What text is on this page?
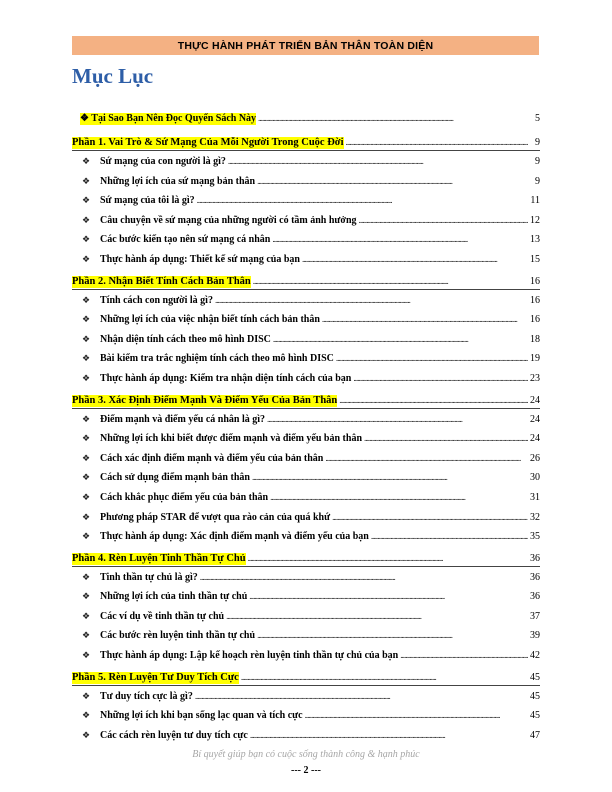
THỰC HÀNH PHÁT TRIỂN BẢN THÂN TOÀN DIỆN
Mục Lục
❖ Tại Sao Bạn Nên Đọc Quyển Sách Này . . .	5
Phần 1. Vai Trò & Sứ Mạng Của Mỗi Người Trong Cuộc Đời . . .	9
❖ Sứ mạng của con người là gì? . . .	9
❖ Những lợi ích của sứ mạng bản thân . . .	9
❖ Sứ mạng của tôi là gì? . . .	11
❖ Câu chuyện về sứ mạng của những người có tầm ảnh hưởng . . .	12
❖ Các bước kiến tạo nên sứ mạng cá nhân . . .	13
❖ Thực hành áp dụng: Thiết kế sứ mạng của bạn . . .	15
Phần 2. Nhận Biết Tính Cách Bản Thân . . .	16
❖ Tính cách con người là gì? . . .	16
❖ Những lợi ích của việc nhận biết tính cách bản thân . . .	16
❖ Nhận diện tính cách theo mô hình DISC . . .	18
❖ Bài kiểm tra trắc nghiệm tính cách theo mô hình DISC . . .	19
❖ Thực hành áp dụng: Kiểm tra nhận diện tính cách của bạn . . .	23
Phần 3. Xác Định Điểm Mạnh Và Điểm Yếu Của Bản Thân . . .	24
❖ Điểm mạnh và điểm yếu cá nhân là gì? . . .	24
❖ Những lợi ích khi biết được điểm mạnh và điểm yếu bản thân . . .	24
❖ Cách xác định điểm mạnh và điểm yếu của bản thân . . .	26
❖ Cách sử dụng điểm mạnh bản thân . . .	30
❖ Cách khắc phục điểm yếu của bản thân . . .	31
❖ Phương pháp STAR để vượt qua rào cản của quá khứ . . .	32
❖ Thực hành áp dụng: Xác định điểm mạnh và điểm yếu của bạn . . .	35
Phần 4. Rèn Luyện Tinh Thần Tự Chủ . . .	36
❖ Tinh thần tự chủ là gì? . . .	36
❖ Những lợi ích của tinh thần tự chủ . . .	36
❖ Các ví dụ về tinh thần tự chủ . . .	37
❖ Các bước rèn luyện tinh thần tự chủ . . .	39
❖ Thực hành áp dụng: Lập kế hoạch rèn luyện tinh thần tự chủ của bạn . . .	42
Phần 5. Rèn Luyện Tư Duy Tích Cực . . .	45
❖ Tư duy tích cực là gì? . . .	45
❖ Những lợi ích khi bạn sống lạc quan và tích cực . . .	45
❖ Các cách rèn luyện tư duy tích cực . . .	47
Bí quyết giúp bạn có cuộc sống thành công & hạnh phúc
--- 2 ---
